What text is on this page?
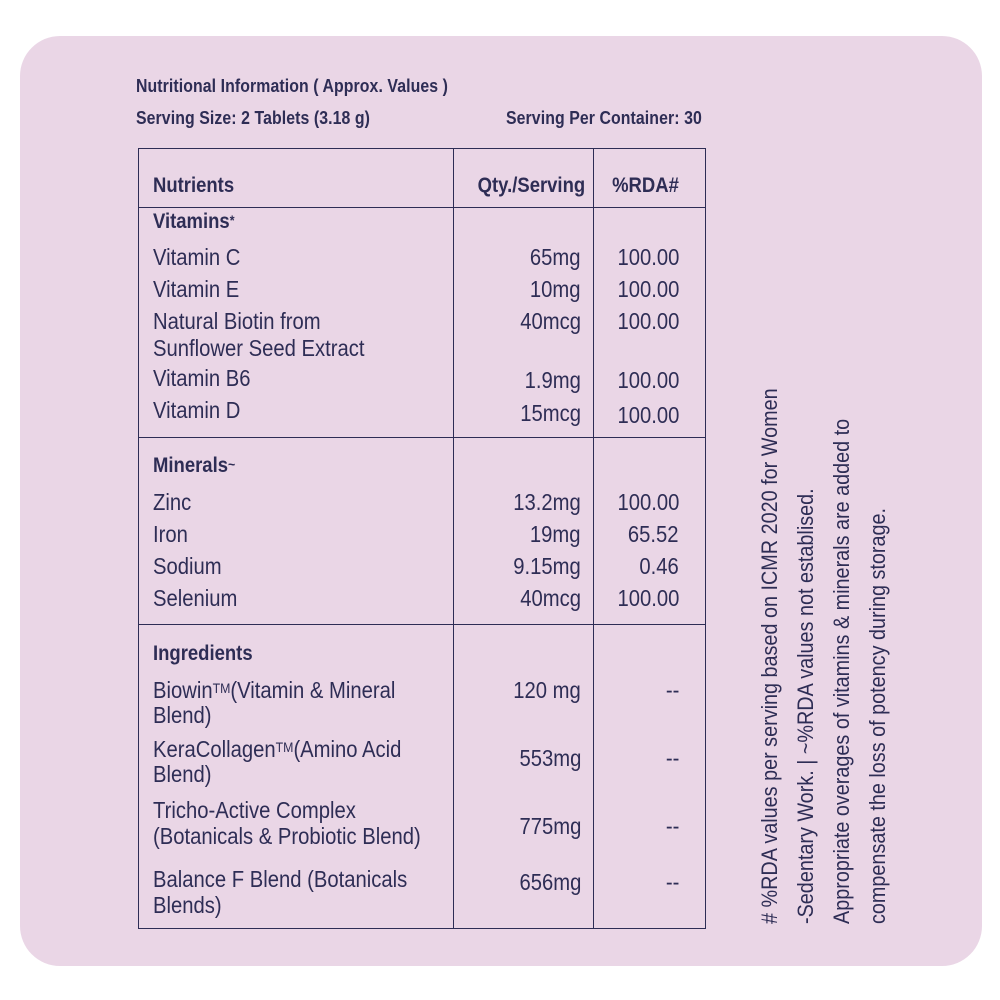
Nutritional Information ( Approx. Values )
Serving Size: 2 Tablets (3.18 g)	Serving Per Container: 30
Nutrients	Qty./Serving %RDA#
Vitamins*
Vitamin C	65mg 100.00
Vitamin E	10mg 100.00
Natural Biotin from
Sunflower Seed Extract
40mcg 100.00
Vitamin B6	1.9mg 100.00
Vitamin D	15mcg 100.00
Minerals~
Zinc	13.2mg 100.00
Iron	19mg 65.52
Sodium	9.15mg	0.46
Selenium	40mcg 100.00
Ingredients
Biowin™(Vitamin & Mineral
Blend)
120 mg	--
KeraCollagen™(Amino Acid
Blend)
553mg	--
Tricho-Active Complex
(Botanicals & Probiotic Blend)	775mg	--
Balance F Blend (Botanicals
Blends)
656mg	--	# %RDA values per serving based on ICMR 2020 for Women -Sedentary Work. | ~%RDA values not establised. Appropriate overages of vitamins & minerals are added to compensate the loss of potency during storage.
